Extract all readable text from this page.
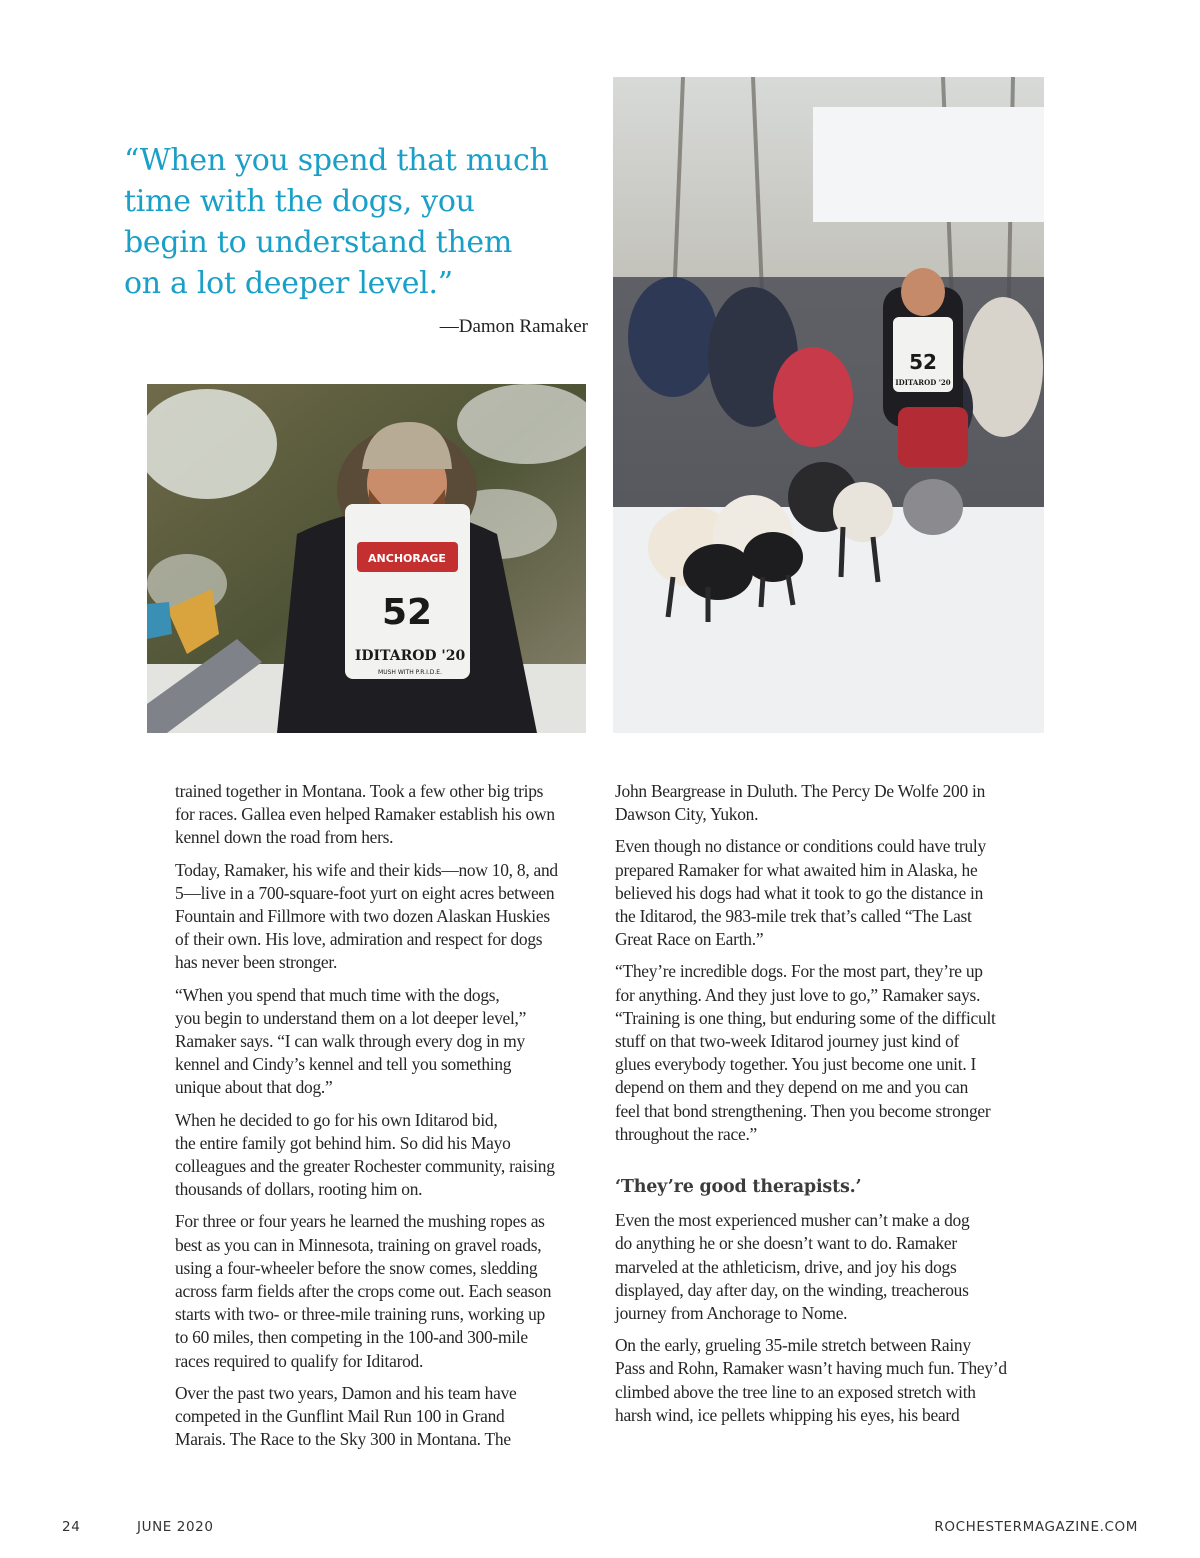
“When you spend that much
time with the dogs, you
begin to understand them
on a lot deeper level.”
—Damon Ramaker
ANCHORAGE
52
IDITAROD '20
MUSH WITH P.R.I.D.E.
52
IDITAROD '20

trained together in Montana. Took a few other big trips
for races. Gallea even helped Ramaker establish his own
kennel down the road from hers.

Today, Ramaker, his wife and their kids—now 10, 8, and
5—live in a 700-square-foot yurt on eight acres between
Fountain and Fillmore with two dozen Alaskan Huskies
of their own. His love, admiration and respect for dogs
has never been stronger.

“When you spend that much time with the dogs,
you begin to understand them on a lot deeper level,”
Ramaker says. “I can walk through every dog in my
kennel and Cindy’s kennel and tell you something
unique about that dog.”

When he decided to go for his own Iditarod bid,
the entire family got behind him. So did his Mayo
colleagues and the greater Rochester community, raising
thousands of dollars, rooting him on.

For three or four years he learned the mushing ropes as
best as you can in Minnesota, training on gravel roads,
using a four-wheeler before the snow comes, sledding
across farm fields after the crops come out. Each season
starts with two- or three-mile training runs, working up
to 60 miles, then competing in the 100-and 300-mile
races required to qualify for Iditarod.

Over the past two years, Damon and his team have
competed in the Gunflint Mail Run 100 in Grand
Marais. The Race to the Sky 300 in Montana. The

John Beargrease in Duluth. The Percy De Wolfe 200 in
Dawson City, Yukon.

Even though no distance or conditions could have truly
prepared Ramaker for what awaited him in Alaska, he
believed his dogs had what it took to go the distance in
the Iditarod, the 983-mile trek that’s called “The Last
Great Race on Earth.”

“They’re incredible dogs. For the most part, they’re up
for anything. And they just love to go,” Ramaker says.
“Training is one thing, but enduring some of the difficult
stuff on that two-week Iditarod journey just kind of
glues everybody together. You just become one unit. I
depend on them and they depend on me and you can
feel that bond strengthening. Then you become stronger
throughout the race.”

‘They’re good therapists.’

Even the most experienced musher can’t make a dog
do anything he or she doesn’t want to do. Ramaker
marveled at the athleticism, drive, and joy his dogs
displayed, day after day, on the winding, treacherous
journey from Anchorage to Nome.

On the early, grueling 35-mile stretch between Rainy
Pass and Rohn, Ramaker wasn’t having much fun. They’d
climbed above the tree line to an exposed stretch with
harsh wind, ice pellets whipping his eyes, his beard

24	JUNE 2020	ROCHESTERMAGAZINE.COM
